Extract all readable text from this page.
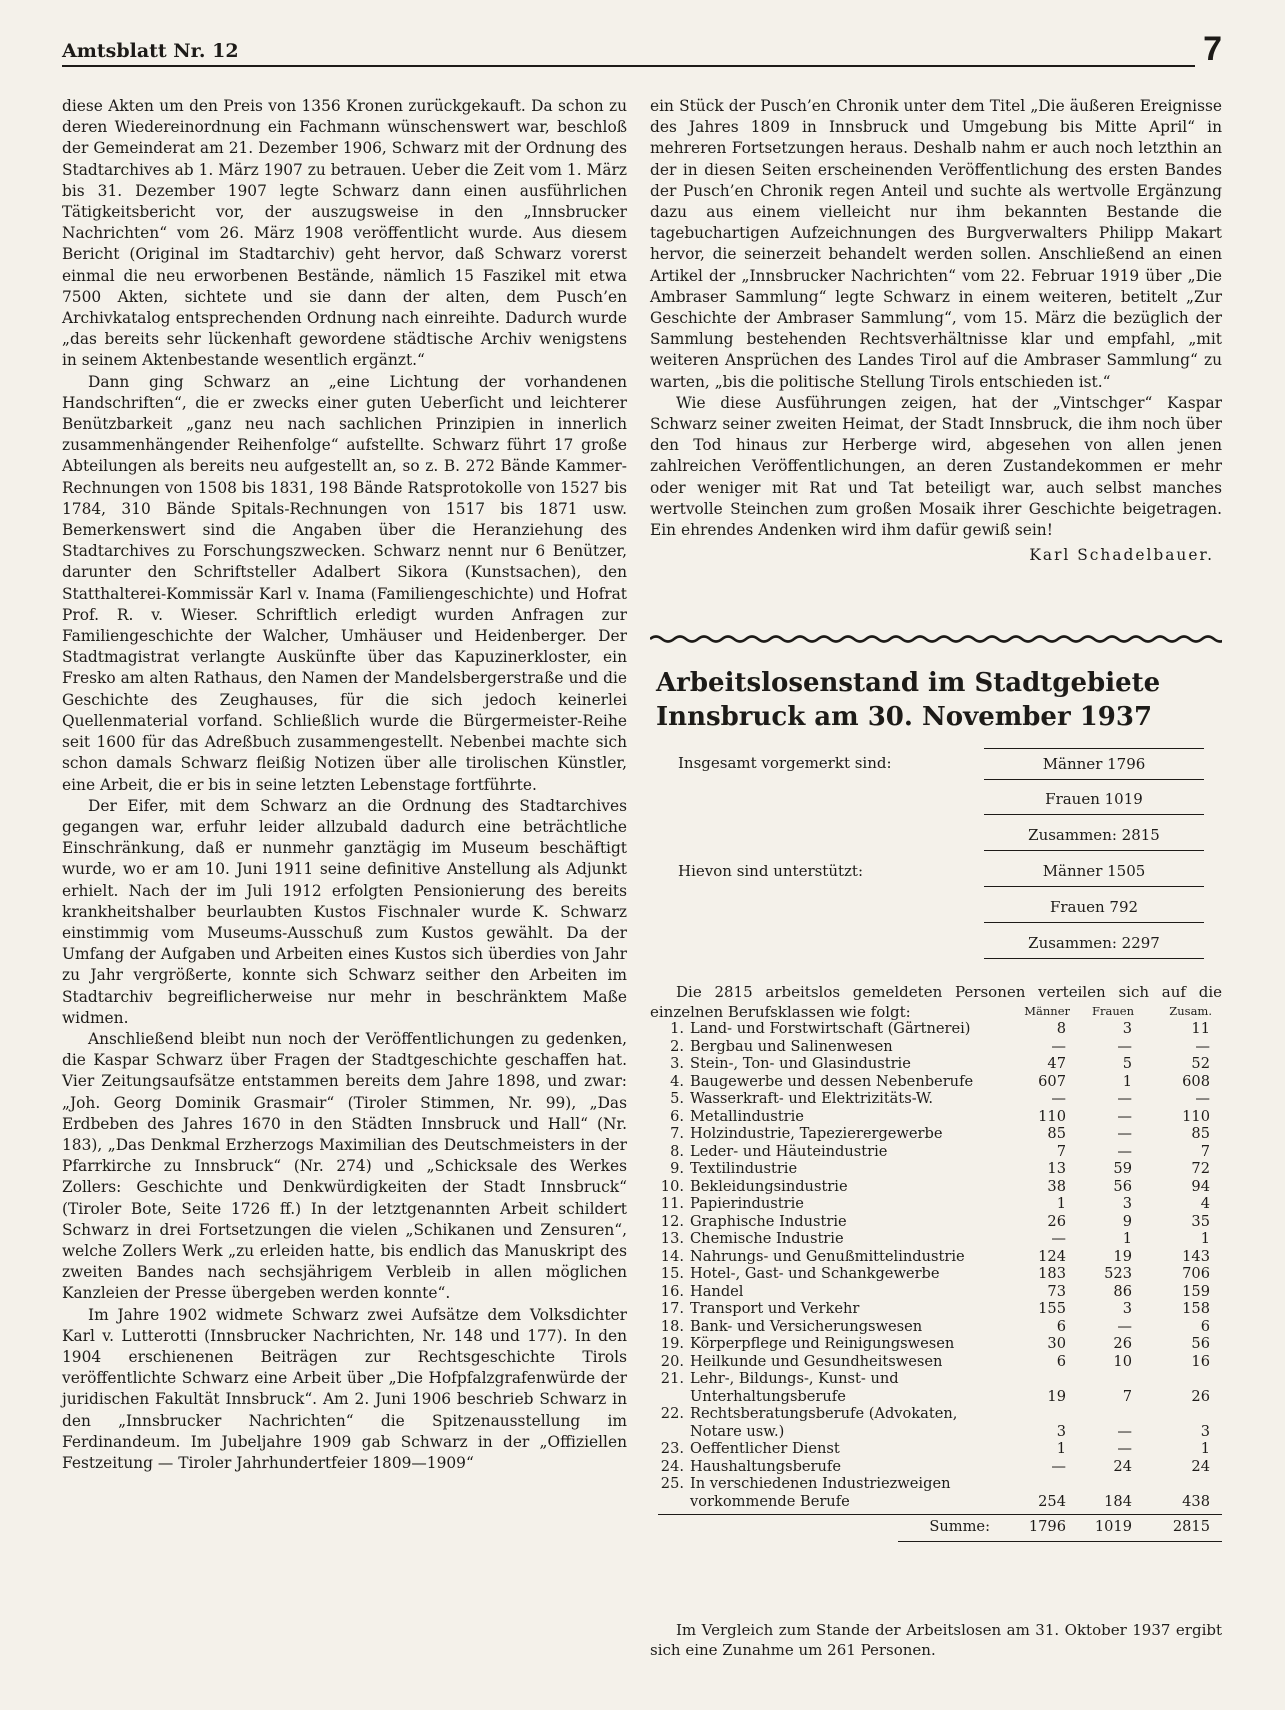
Amtsblatt Nr. 12	7

diese Akten um den Preis von 1356 Kronen zurückgekauft. Da schon zu deren Wiedereinordnung ein Fachmann wünschenswert war, beschloß der Gemeinderat am 21. Dezember 1906, Schwarz mit der Ordnung des Stadtarchives ab 1. März 1907 zu betrauen. Ueber die Zeit vom 1. März bis 31. Dezember 1907 legte Schwarz dann einen ausführlichen Tätigkeitsbericht vor, der auszugsweise in den „Innsbrucker Nachrichten“ vom 26. März 1908 veröffentlicht wurde. Aus diesem Bericht (Original im Stadtarchiv) geht hervor, daß Schwarz vorerst einmal die neu erworbenen Bestände, nämlich 15 Faszikel mit etwa 7500 Akten, sichtete und sie dann der alten, dem Pusch’en Archivkatalog entsprechenden Ordnung nach einreihte. Dadurch wurde „das bereits sehr lückenhaft gewordene städtische Archiv wenigstens in seinem Aktenbestande wesentlich ergänzt.“

Dann ging Schwarz an „eine Lichtung der vorhandenen Handschriften“, die er zwecks einer guten Ueberſicht und leichterer Benützbarkeit „ganz neu nach sachlichen Prinzipien in innerlich zusammenhängender Reihenfolge“ aufstellte. Schwarz führt 17 große Abteilungen als bereits neu aufgestellt an, so z. B. 272 Bände Kammer-Rechnungen von 1508 bis 1831, 198 Bände Ratsprotokolle von 1527 bis 1784, 310 Bände Spitals-Rechnungen von 1517 bis 1871 usw. Bemerkenswert sind die Angaben über die Heranziehung des Stadtarchives zu Forschungszwecken. Schwarz nennt nur 6 Benützer, darunter den Schriftsteller Adalbert Sikora (Kunstsachen), den Statthalterei-Kommissär Karl v. Inama (Familiengeschichte) und Hofrat Prof. R. v. Wieser. Schriftlich erledigt wurden Anfragen zur Familiengeschichte der Walcher, Umhäuser und Heidenberger. Der Stadtmagistrat verlangte Auskünfte über das Kapuzinerkloster, ein Fresko am alten Rathaus, den Namen der Mandelsbergerstraße und die Geschichte des Zeughauses, für die sich jedoch keinerlei Quellenmaterial vorfand. Schließlich wurde die Bürgermeister-Reihe seit 1600 für das Adreßbuch zusammengestellt. Nebenbei machte sich schon damals Schwarz fleißig Notizen über alle tirolischen Künstler, eine Arbeit, die er bis in seine letzten Lebenstage fortführte.

Der Eifer, mit dem Schwarz an die Ordnung des Stadtarchives gegangen war, erfuhr leider allzubald dadurch eine beträchtliche Einschränkung, daß er nunmehr ganztägig im Museum beschäftigt wurde, wo er am 10. Juni 1911 seine definitive Anstellung als Adjunkt erhielt. Nach der im Juli 1912 erfolgten Pensionierung des bereits krankheitshalber beurlaubten Kustos Fischnaler wurde K. Schwarz einstimmig vom Museums-Ausschuß zum Kustos gewählt. Da der Umfang der Aufgaben und Arbeiten eines Kustos sich überdies von Jahr zu Jahr vergrößerte, konnte sich Schwarz seither den Arbeiten im Stadtarchiv begreiflicherweise nur mehr in beschränktem Maße widmen.

Anschließend bleibt nun noch der Veröffentlichungen zu gedenken, die Kaspar Schwarz über Fragen der Stadtgeschichte geschaffen hat. Vier Zeitungsaufsätze entstammen bereits dem Jahre 1898, und zwar: „Joh. Georg Dominik Grasmair“ (Tiroler Stimmen, Nr. 99), „Das Erdbeben des Jahres 1670 in den Städten Innsbruck und Hall“ (Nr. 183), „Das Denkmal Erzherzogs Maximilian des Deutschmeisters in der Pfarrkirche zu Innsbruck“ (Nr. 274) und „Schicksale des Werkes Zollers: Geschichte und Denkwürdigkeiten der Stadt Innsbruck“ (Tiroler Bote, Seite 1726 ff.) In der letztgenannten Arbeit schildert Schwarz in drei Fortsetzungen die vielen „Schikanen und Zensuren“, welche Zollers Werk „zu erleiden hatte, bis endlich das Manuskript des zweiten Bandes nach sechsjährigem Verbleib in allen möglichen Kanzleien der Presse übergeben werden konnte“.

Im Jahre 1902 widmete Schwarz zwei Aufsätze dem Volksdichter Karl v. Lutterotti (Innsbrucker Nachrichten, Nr. 148 und 177). In den 1904 erschienenen Beiträgen zur Rechtsgeschichte Tirols veröffentlichte Schwarz eine Arbeit über „Die Hofpfalzgrafenwürde der juridischen Fakultät Innsbruck“. Am 2. Juni 1906 beschrieb Schwarz in den „Innsbrucker Nachrichten“ die Spitzenausstellung im Ferdinandeum. Im Jubeljahre 1909 gab Schwarz in der „Offiziellen Festzeitung — Tiroler Jahrhundertfeier 1809—1909“

ein Stück der Pusch’en Chronik unter dem Titel „Die äußeren Ereignisse des Jahres 1809 in Innsbruck und Umgebung bis Mitte April“ in mehreren Fortsetzungen heraus. Deshalb nahm er auch noch letzthin an der in diesen Seiten erscheinenden Veröffentlichung des ersten Bandes der Pusch’en Chronik regen Anteil und suchte als wertvolle Ergänzung dazu aus einem vielleicht nur ihm bekannten Bestande die tagebuchartigen Aufzeichnungen des Burgverwalters Philipp Makart hervor, die seinerzeit behandelt werden sollen. Anschließend an einen Artikel der „Innsbrucker Nachrichten“ vom 22. Februar 1919 über „Die Ambraser Sammlung“ legte Schwarz in einem weiteren, betitelt „Zur Geschichte der Ambraser Sammlung“, vom 15. März die bezüglich der Sammlung bestehenden Rechtsverhältnisse klar und empfahl, „mit weiteren Ansprüchen des Landes Tirol auf die Ambraser Sammlung“ zu warten, „bis die politische Stellung Tirols entschieden ist.“

Wie diese Ausführungen zeigen, hat der „Vintschger“ Kaspar Schwarz seiner zweiten Heimat, der Stadt Innsbruck, die ihm noch über den Tod hinaus zur Herberge wird, abgesehen von allen jenen zahlreichen Veröffentlichungen, an deren Zustandekommen er mehr oder weniger mit Rat und Tat beteiligt war, auch selbst manches wertvolle Steinchen zum großen Mosaik ihrer Geschichte beigetragen. Ein ehrendes Andenken wird ihm dafür gewiß sein!

Karl Schadelbauer.
Arbeitslosenstand im Stadtgebiete
Innsbruck am 30. November 1937
Insgesamt vorgemerkt sind:	Männer 1796
Frauen 1019
Zusammen: 2815
Hievon sind unterstützt:	Männer 1505
Frauen 792
Zusammen: 2297
Die 2815 arbeitslos gemeldeten Personen verteilen sich auf die einzelnen Berufsklassen wie folgt:	Männer	Frauen	Zusam.
1. Land- und Forstwirtschaft (Gärtnerei)	8	3	11
2. Bergbau und Salinenwesen	—	—	—
3. Stein-, Ton- und Glasindustrie	47	5	52
4. Baugewerbe und dessen Nebenberufe	607	1	608
5. Wasserkraft- und Elektrizitäts-W.	—	—	—
6. Metallindustrie	110	—	110
7. Holzindustrie, Tapezierergewerbe	85	—	85
8. Leder- und Häuteindustrie	7	—	7
9. Textilindustrie	13	59	72
10. Bekleidungsindustrie	38	56	94
11. Papierindustrie	1	3	4
12. Graphische Industrie	26	9	35
13. Chemische Industrie	—	1	1
14. Nahrungs- und Genußmittelindustrie	124	19	143
15. Hotel-, Gast- und Schankgewerbe	183	523	706
16. Handel	73	86	159
17. Transport und Verkehr	155	3	158
18. Bank- und Versicherungswesen	6	—	6
19. Körperpflege und Reinigungswesen	30	26	56
20. Heilkunde und Gesundheitswesen	6	10	16
21. Lehr-, Bildungs-, Kunst- und Unterhaltungsberufe	19	7	26
22. Rechtsberatungsberufe (Advokaten, Notare usw.)	3	—	3
23. Oeffentlicher Dienst	1	—	1
24. Haushaltungsberufe	—	24	24
25. In verschiedenen Industriezweigen vorkommende Berufe	254	184	438
Summe:	1796	1019	2815

Im Vergleich zum Stande der Arbeitslosen am 31. Oktober 1937 ergibt sich eine Zunahme um 261 Personen.
